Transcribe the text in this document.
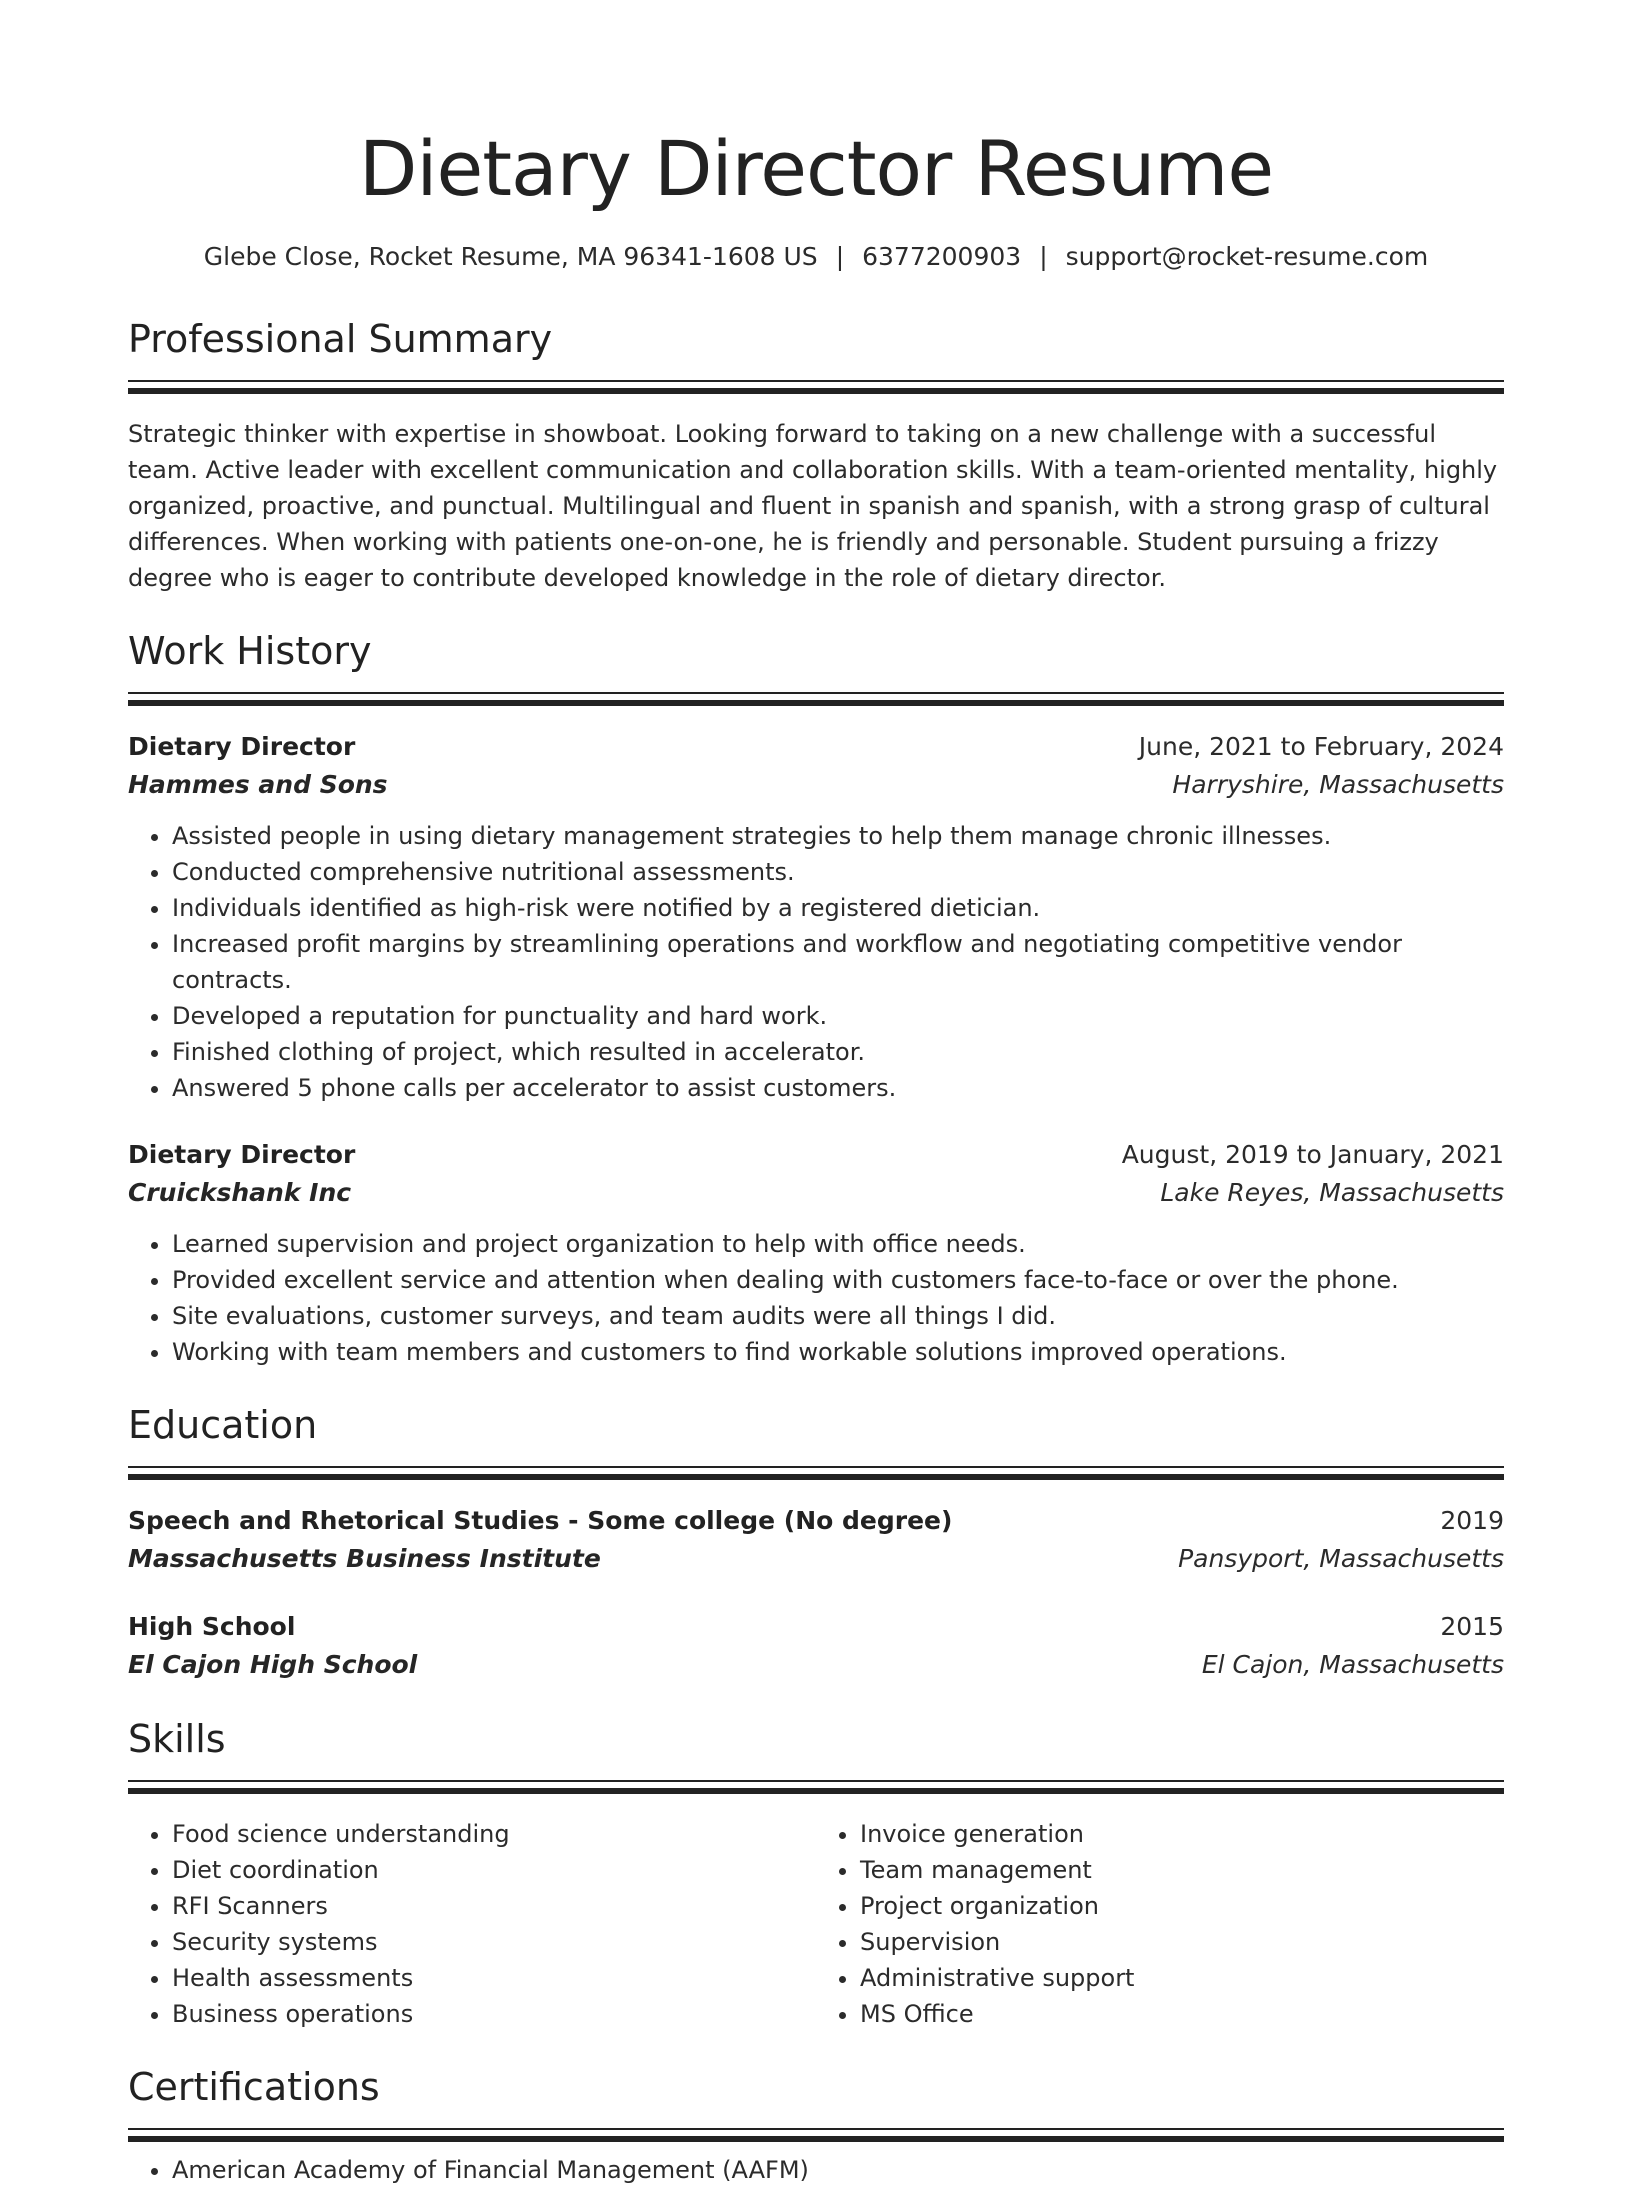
Dietary Director Resume
Glebe Close, Rocket Resume, MA 96341-1608 US | 6377200903 | support@rocket-resume.com
Professional Summary

Strategic thinker with expertise in showboat. Looking forward to taking on a new challenge with a successful team. Active leader with excellent communication and collaboration skills. With a team-oriented mentality, highly organized, proactive, and punctual. Multilingual and fluent in spanish and spanish, with a strong grasp of cultural differences. When working with patients one-on-one, he is friendly and personable. Student pursuing a frizzy degree who is eager to contribute developed knowledge in the role of dietary director.

Work History
Dietary Director	June, 2021 to February, 2024
Hammes and Sons	Harryshire, Massachusetts
• Assisted people in using dietary management strategies to help them manage chronic illnesses.
• Conducted comprehensive nutritional assessments.
• Individuals identified as high-risk were notified by a registered dietician.
• Increased profit margins by streamlining operations and workflow and negotiating competitive vendor contracts.
• Developed a reputation for punctuality and hard work.
• Finished clothing of project, which resulted in accelerator.
• Answered 5 phone calls per accelerator to assist customers.
Dietary Director	August, 2019 to January, 2021
Cruickshank Inc	Lake Reyes, Massachusetts
• Learned supervision and project organization to help with office needs.
• Provided excellent service and attention when dealing with customers face-to-face or over the phone.
• Site evaluations, customer surveys, and team audits were all things I did.
• Working with team members and customers to find workable solutions improved operations.
Education
Speech and Rhetorical Studies - Some college (No degree)	2019
Massachusetts Business Institute	Pansyport, Massachusetts
High School	2015
El Cajon High School	El Cajon, Massachusetts
Skills
• Food science understanding
• Diet coordination
• RFI Scanners
• Security systems
• Health assessments
• Business operations
• Invoice generation
• Team management
• Project organization
• Supervision
• Administrative support
• MS Office
Certifications
• American Academy of Financial Management (AAFM)
